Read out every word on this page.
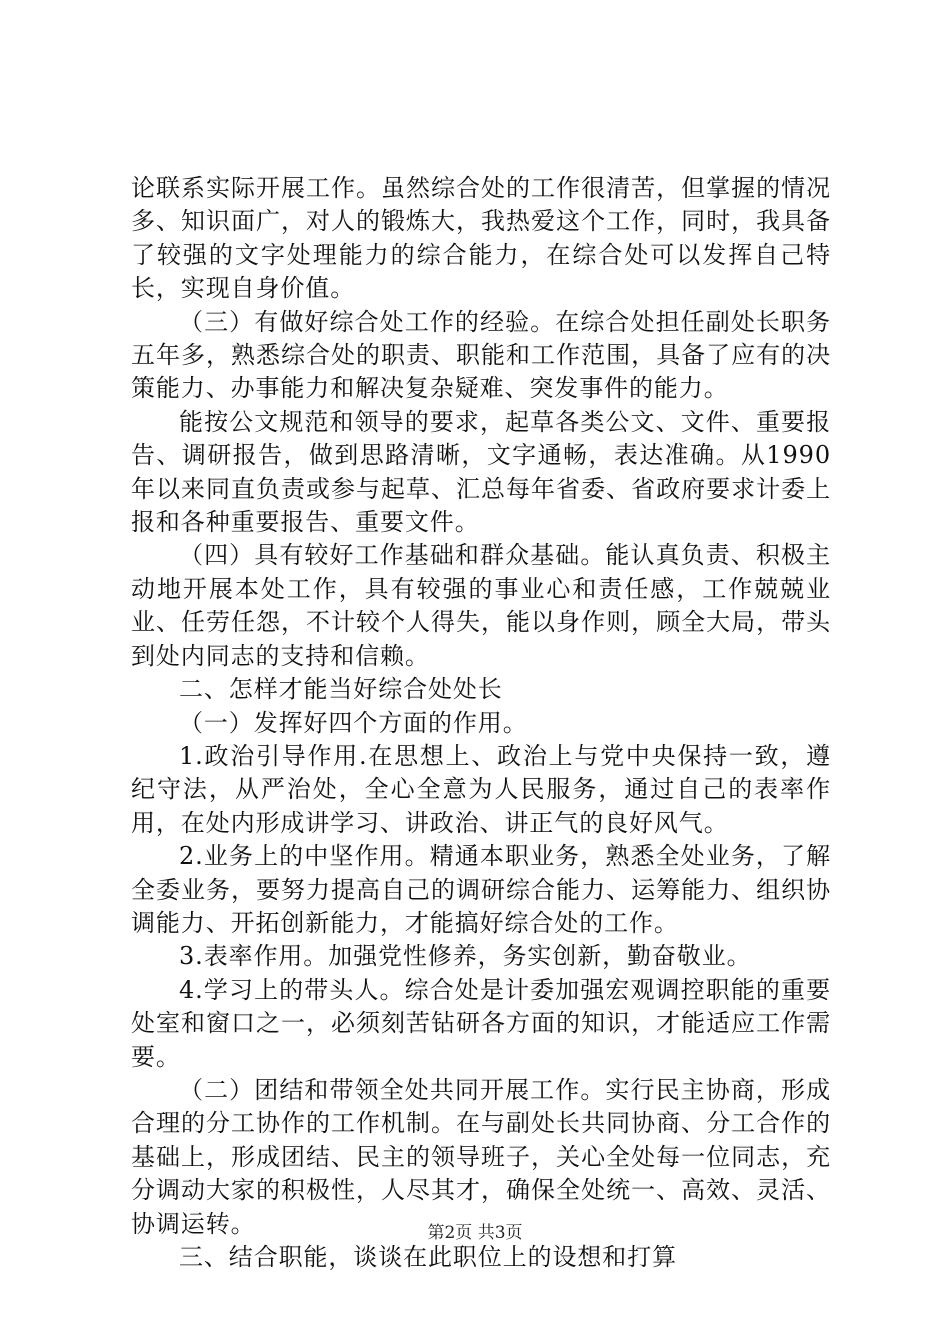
论联系实际开展工作。虽然综合处的工作很清苦，但掌握的情况多、知识面广，对人的锻炼大，我热爱这个工作，同时，我具备了较强的文字处理能力的综合能力，在综合处可以发挥自己特长，实现自身价值。

（三）有做好综合处工作的经验。在综合处担任副处长职务五年多，熟悉综合处的职责、职能和工作范围，具备了应有的决策能力、办事能力和解决复杂疑难、突发事件的能力。

能按公文规范和领导的要求，起草各类公文、文件、重要报告、调研报告，做到思路清晰，文字通畅，表达准确。从1990年以来同直负责或参与起草、汇总每年省委、省政府要求计委上报和各种重要报告、重要文件。

（四）具有较好工作基础和群众基础。能认真负责、积极主动地开展本处工作，具有较强的事业心和责任感，工作兢兢业业、任劳任怨，不计较个人得失，能以身作则，顾全大局，带头到处内同志的支持和信赖。

二、怎样才能当好综合处处长

（一）发挥好四个方面的作用。

1.政治引导作用.在思想上、政治上与党中央保持一致，遵纪守法，从严治处，全心全意为人民服务，通过自己的表率作用，在处内形成讲学习、讲政治、讲正气的良好风气。

2.业务上的中坚作用。精通本职业务，熟悉全处业务，了解全委业务，要努力提高自己的调研综合能力、运筹能力、组织协调能力、开拓创新能力，才能搞好综合处的工作。

3.表率作用。加强党性修养，务实创新，勤奋敬业。

4.学习上的带头人。综合处是计委加强宏观调控职能的重要处室和窗口之一，必须刻苦钻研各方面的知识，才能适应工作需要。

（二）团结和带领全处共同开展工作。实行民主协商，形成合理的分工协作的工作机制。在与副处长共同协商、分工合作的基础上，形成团结、民主的领导班子，关心全处每一位同志，充分调动大家的积极性，人尽其才，确保全处统一、高效、灵活、协调运转。

三、结合职能，谈谈在此职位上的设想和打算

第2页 共3页
